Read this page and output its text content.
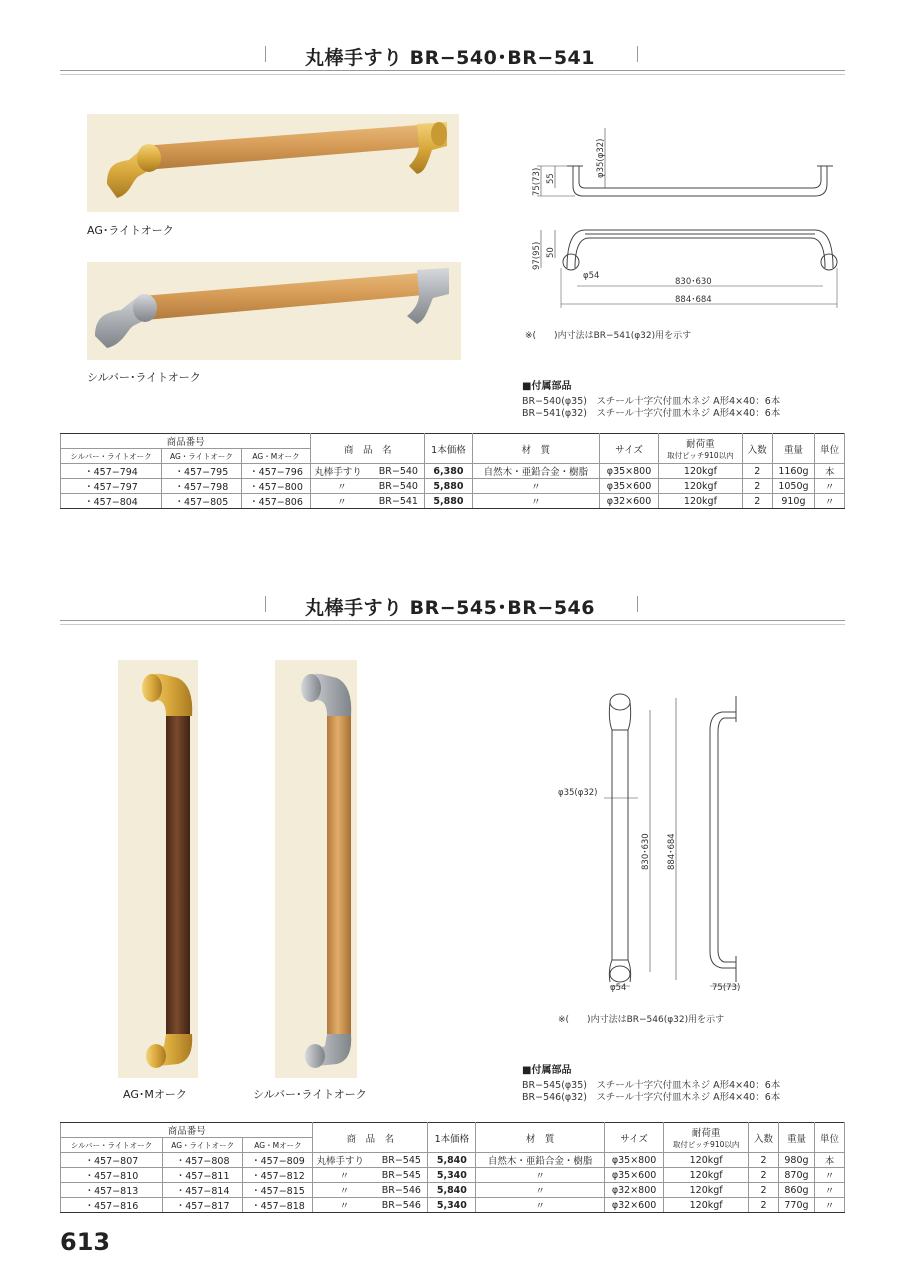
丸棒手すり BR−540･BR−541
AG･ライトオーク
シルバー･ライトオーク
φ35(φ32)
55
75(73)
50
97(95)
φ54
830･630
884･684
※(　　)内寸法はBR−541(φ32)用を示す
■付属部品
BR−540(φ35)　スチール十字穴付皿木ネジ A形4×40：6本
BR−541(φ32)　スチール十字穴付皿木ネジ A形4×40：6本
商品番号			商　品　名		1本価格	材　質	サイズ	耐荷重
取付ピッチ910以内	入数	重量	単位
シルバー・ライトオーク	AG・ライトオーク	AG・Mオーク									
・457−794	・457−795	・457−796	丸棒手すり	BR−540	6,380	自然木・亜鉛合金・樹脂	φ35×800	120kgf	2	1160g	本
・457−797	・457−798	・457−800	〃	BR−540	5,880	〃	φ35×600	120kgf	2	1050g	〃
・457−804	・457−805	・457−806	〃	BR−541	5,880	〃	φ32×600	120kgf	2	910g	〃
丸棒手すり BR−545･BR−546
AG･Mオーク	シルバー･ライトオーク
φ35(φ32)
830･630 884･684
φ54	75(73)
※(　　)内寸法はBR−546(φ32)用を示す
■付属部品
BR−545(φ35)　スチール十字穴付皿木ネジ A形4×40：6本
BR−546(φ32)　スチール十字穴付皿木ネジ A形4×40：6本
商品番号			商　品　名		1本価格	材　質	サイズ	耐荷重
取付ピッチ910以内	入数	重量	単位
シルバー・ライトオーク	AG・ライトオーク	AG・Mオーク									
・457−807	・457−808	・457−809	丸棒手すり	BR−545	5,840	自然木・亜鉛合金・樹脂	φ35×800	120kgf	2	980g	本
・457−810	・457−811	・457−812	〃	BR−545	5,340	〃	φ35×600	120kgf	2	870g	〃
・457−813	・457−814	・457−815	〃	BR−546	5,840	〃	φ32×800	120kgf	2	860g	〃
・457−816	・457−817	・457−818	〃	BR−546	5,340	〃	φ32×600	120kgf	2	770g	〃
613
